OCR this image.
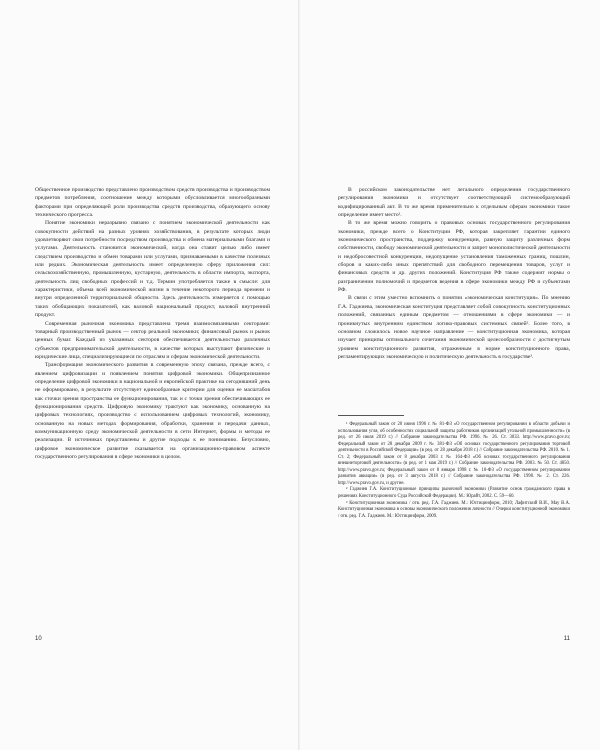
Общественное производство представлено производством средств производства и производством предметов потребления, соотношение между которыми обусловливается многообразными факторами при определяющей роли производства средств производства, образующего основу технического прогресса.

Понятие экономики неразрывно связано с понятием экономической деятельности как совокупности действий на разных уровнях хозяйствования, в результате которых люди удовлетворяют свои потребности посредством производства и обмена материальными благами и услугами. Деятельность становится экономической, когда она ставит целью либо имеет следствием производство и обмен товарами или услугами, признаваемыми в качестве полезных или редких. Экономическая деятельность имеет определенную сферу приложения сил: сельскохозяйственную, промышленную, кустарную, деятельность в области импорта, экспорта, деятельность лиц свободных профессий и т.д. Термин употребляется также в смысле: для характеристики, объема всей экономической жизни в течение некоторого периода времени и внутри определенной территориальной общности. Здесь деятельность измеряется с помощью таких обобщающих показателей, как валовой национальный продукт, валовой внутренний продукт.

Современная рыночная экономика представлена тремя взаимосвязанными секторами: товарный производственный рынок — сектор реальной экономики; финансовый рынок и рынок ценных бумаг. Каждый из указанных секторов обеспечивается деятельностью различных субъектов предпринимательской деятельности, в качестве которых выступают физические и юридические лица, специализирующиеся по отраслям и сферам экономической деятельности.

Трансформация экономического развития в современную эпоху связана, прежде всего, с явлением цифровизации и появлением понятия цифровой экономики. Общепризнанное определение цифровой экономики в национальной и европейской практике на сегодняшний день не оформировано, в результате отсутствует единообразные критерии для оценки ее масштабов как сточки зрения пространства ее функционирования, так и с точки зрения обеспечивающих ее функционирования средств. Цифровую экономику трактуют как экономику, основанную на цифровых технологиях, производство с использованием цифровых технологий, экономику, основанную на новых методах формирования, обработки, хранения и передачи данных, коммуникационную среду экономической деятельности в сети Интернет, формы и методы ее реализации. В источниках представлены и другие подходы к ее пониманию. Безусловно, цифровое экономическое развитие сказывается на организационно-правовом аспекте государственного регулирования в сфере экономики в целом.

10

В российском законодательстве нет легального определения государственного регулирования экономики и отсутствует соответствующий системообразующий кодифицированный акт. В то же время применительно к отдельным сферам экономики такое определение имеет место¹.

В то же время можно говорить о правовых основах государственного регулирования экономики, прежде всего о Конституции РФ, которая закрепляет гарантии единого экономического пространства, поддержку конкуренции, равную защиту различных форм собственности, свободу экономической деятельности и запрет монополистической деятельности и недобросовестной конкуренции, недопущение установления таможенных границ, пошлин, сборов и каких-либо иных препятствий для свободного перемещения товаров, услуг и финансовых средств и др. других положений. Конституция РФ также содержит нормы о разграничении полномочий и предметов ведения в сфере экономики между РФ и субъектами РФ.

В связи с этим уместно вспомнить о понятии «экономическая конституция». По мнению Г.А. Гаджиева, экономическая конституция представляет собой совокупность конституционных положений, связанных единым предметом — отношениями в сфере экономики — и проникнутых внутренним единством логико-правовых системных связей². Более того, в основном сложилось новое научное направление — конституционная экономика, которая изучает принципы оптимального сочетания экономической целесообразности с достигнутым уровнем конституционного развития, отраженным в норме конституционного права, регламентирующих экономическую и политическую деятельность в государстве³.

¹ Федеральный закон от 20 июня 1996 г. № 81-ФЗ «О государственном регулировании в области добычи и использования угля, об особенностях социальной защиты работников организаций угольной промышленности» (в ред. от 26 июля 2019 г.) // Собрание законодательства РФ. 1996. № 26. Ст. 3033. http://www.pravo.gov.ru; Федеральный закон от 28 декабря 2009 г. № 381-ФЗ «Об основах государственного регулирования торговой деятельности в Российской Федерации» (в ред. от 28 декабря 2018 г.) // Собрание законодательства РФ. 2010. № 1. Ст. 2; Федеральный закон от 8 декабря 2003 г. № 164-ФЗ «Об основах государственного регулирования внешнеторговой деятельности» (в ред. от 1 мая 2019 г.) // Собрание законодательства РФ. 2003. № 50. Ст. 4850. http://www.pravo.gov.ru; Федеральный закон от 8 января 1998 г. № 10-ФЗ «О государственном регулировании развития авиации» (в ред. от 3 августа 2018 г.) // Собрание законодательства РФ. 1998. № 2. Ст. 226. http://www.pravo.gov.ru, и другие.

² Гаджиев Г.А. Конституционные принципы рыночной экономики (Развитие основ гражданского права в решениях Конституционного Суда Российской Федерации). М.: Юрайт, 2002. С. 59—60.

³ Конституционная экономика / отв. ред. Г.А. Гаджиев. М.: Юстицинформ, 2010; Лафитский В.И., Мау В.А. Конституционная экономика в основы экономического положения личности // Очерки конституционной экономики / отв. ред. Г.А. Гаджиев. М.: Юстицинформ, 2009.

11
